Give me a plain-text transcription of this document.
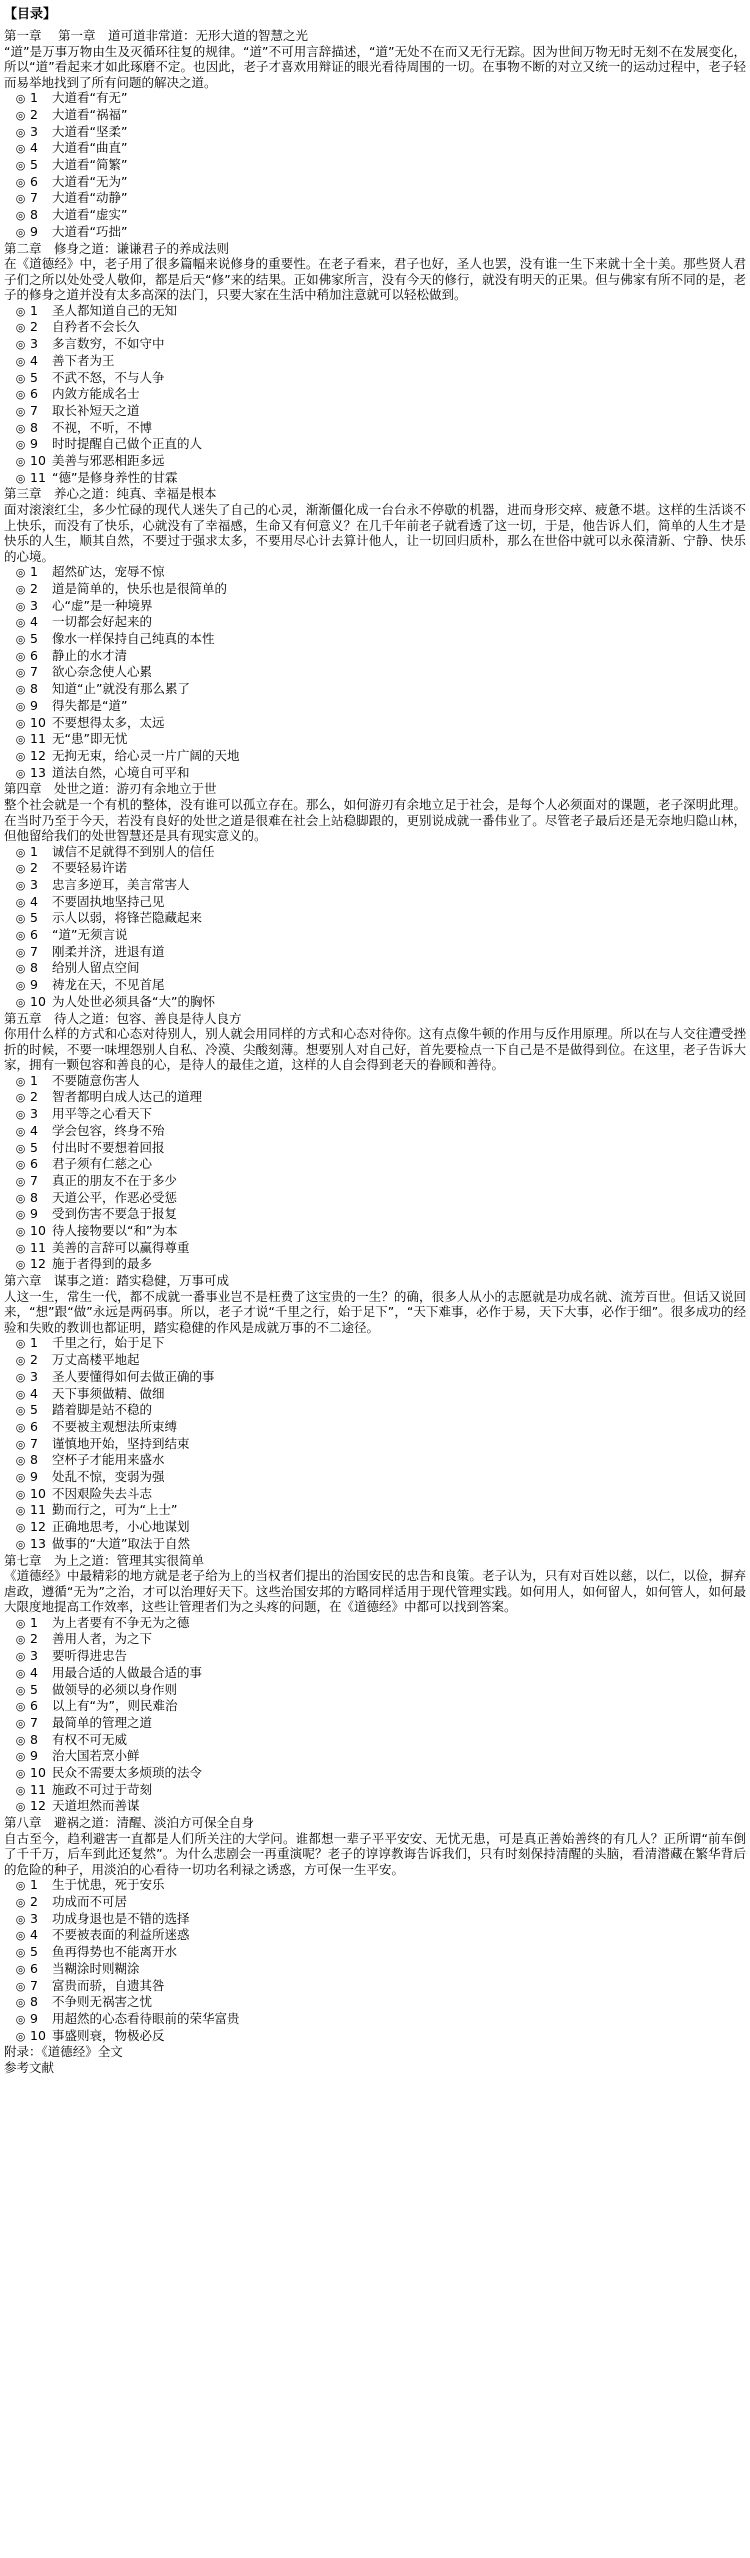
【目录】
第一章　 第一章　道可道非常道：无形大道的智慧之光

“道”是万事万物由生及灭循环往复的规律。“道”不可用言辞描述，“道”无处不在而又无行无踪。因为世间万物无时无刻不在发展变化，所以“道”看起来才如此琢磨不定。也因此，老子才喜欢用辩证的眼光看待周围的一切。在事物不断的对立又统一的运动过程中，老子轻而易举地找到了所有问题的解决之道。

◎ 1	大道看“有无”
◎ 2	大道看“祸福”
◎ 3	大道看“坚柔”
◎ 4	大道看“曲直”
◎ 5	大道看“简繁”
◎ 6	大道看“无为”
◎ 7	大道看“动静”
◎ 8	大道看“虚实”
◎ 9	大道看“巧拙”
第二章　修身之道：谦谦君子的养成法则

在《道德经》中，老子用了很多篇幅来说修身的重要性。在老子看来，君子也好，圣人也罢，没有谁一生下来就十全十美。那些贤人君子们之所以处处受人敬仰，都是后天“修”来的结果。正如佛家所言，没有今天的修行，就没有明天的正果。但与佛家有所不同的是，老子的修身之道并没有太多高深的法门，只要大家在生活中稍加注意就可以轻松做到。

◎ 1	圣人都知道自己的无知
◎ 2	自矜者不会长久
◎ 3	多言数穷，不如守中
◎ 4	善下者为王
◎ 5	不武不怒，不与人争
◎ 6	内敛方能成名士
◎ 7	取长补短天之道
◎ 8	不视，不听，不博
◎ 9	时时提醒自己做个正直的人
◎ 10 美善与邪恶相距多远
◎ 11 “德”是修身养性的甘霖
第三章　养心之道：纯真、幸福是根本

面对滚滚红尘，多少忙碌的现代人迷失了自己的心灵，渐渐僵化成一台台永不停歇的机器，进而身形交瘁、疲惫不堪。这样的生活谈不上快乐，而没有了快乐，心就没有了幸福感，生命又有何意义？在几千年前老子就看透了这一切，于是，他告诉人们，简单的人生才是快乐的人生，顺其自然，不要过于强求太多，不要用尽心计去算计他人，让一切回归质朴，那么在世俗中就可以永葆清新、宁静、快乐的心境。

◎ 1	超然矿达，宠辱不惊
◎ 2	道是简单的，快乐也是很简单的
◎ 3	心“虚”是一种境界
◎ 4	一切都会好起来的
◎ 5	像水一样保持自己纯真的本性
◎ 6	静止的水才清
◎ 7	欲心奈念使人心累
◎ 8	知道“止”就没有那么累了
◎ 9	得失都是“道”
◎ 10 不要想得太多，太远
◎ 11 无“患”即无忧
◎ 12 无拘无束，给心灵一片广阔的天地
◎ 13 道法自然，心境自可平和
第四章　处世之道：游刃有余地立于世

整个社会就是一个有机的整体，没有谁可以孤立存在。那么，如何游刃有余地立足于社会，是每个人必须面对的课题，老子深明此理。在当时乃至于今天，若没有良好的处世之道是很难在社会上站稳脚跟的，更别说成就一番伟业了。尽管老子最后还是无奈地归隐山林，但他留给我们的处世智慧还是具有现实意义的。

◎ 1	诚信不足就得不到别人的信任
◎ 2	不要轻易许诺
◎ 3	忠言多逆耳，美言常害人
◎ 4	不要固执地坚持己见
◎ 5	示人以弱，将锋芒隐藏起来
◎ 6	“道”无须言说
◎ 7	刚柔并济，进退有道
◎ 8	给别人留点空间
◎ 9	祷龙在天，不见首尾
◎ 10 为人处世必须具备“大”的胸怀
第五章　待人之道：包容、善良是待人良方

你用什么样的方式和心态对待别人，别人就会用同样的方式和心态对待你。这有点像牛顿的作用与反作用原理。所以在与人交往遭受挫折的时候，不要一味埋怨别人自私、冷漠、尖酸刻薄。想要别人对自己好，首先要检点一下自己是不是做得到位。在这里，老子告诉大家，拥有一颗包容和善良的心，是待人的最佳之道，这样的人自会得到老天的眷顾和善待。

◎ 1	不要随意伤害人
◎ 2	智者都明白成人达己的道理
◎ 3	用平等之心看天下
◎ 4	学会包容，终身不殆
◎ 5	付出时不要想着回报
◎ 6	君子须有仁慈之心
◎ 7	真正的朋友不在于多少
◎ 8	天道公平，作恶必受惩
◎ 9	受到伤害不要急于报复
◎ 10 待人接物要以“和”为本
◎ 11 美善的言辞可以赢得尊重
◎ 12 施于者得到的最多
第六章　谋事之道：踏实稳健，万事可成

人这一生，常生一代，都不成就一番事业岂不是枉费了这宝贵的一生？的确，很多人从小的志愿就是功成名就、流芳百世。但话又说回来，“想”跟“做”永远是两码事。所以，老子才说“千里之行，始于足下”，“天下难事，必作于易，天下大事，必作于细”。很多成功的经验和失败的教训也都证明，踏实稳健的作风是成就万事的不二途径。

◎ 1	千里之行，始于足下
◎ 2	万丈高楼平地起
◎ 3	圣人要懂得如何去做正确的事
◎ 4	天下事须做精、做细
◎ 5	踏着脚是站不稳的
◎ 6	不要被主观想法所束缚
◎ 7	谨慎地开始，坚持到结束
◎ 8	空杯子才能用来盛水
◎ 9	处乱不惊，变弱为强
◎ 10 不因艰险失去斗志
◎ 11 勤而行之，可为“上士”
◎ 12 正确地思考，小心地谋划
◎ 13 做事的“大道”取法于自然
第七章　为上之道：管理其实很简单

《道德经》中最精彩的地方就是老子给为上的当权者们提出的治国安民的忠告和良策。老子认为，只有对百姓以慈，以仁，以俭，摒弃虐政，遵循“无为”之治，才可以治理好天下。这些治国安邦的方略同样适用于现代管理实践。如何用人，如何留人，如何管人，如何最大限度地提高工作效率，这些让管理者们为之头疼的问题，在《道德经》中都可以找到答案。

◎ 1	为上者要有不争无为之德
◎ 2	善用人者，为之下
◎ 3	要听得进忠告
◎ 4	用最合适的人做最合适的事
◎ 5	做领导的必须以身作则
◎ 6	以上有“为”，则民难治
◎ 7	最简单的管理之道
◎ 8	有权不可无威
◎ 9	治大国若烹小鲜
◎ 10 民众不需要太多烦琐的法令
◎ 11 施政不可过于苛刻
◎ 12 天道坦然而善谋
第八章　避祸之道：清醒、淡泊方可保全自身

自古至今，趋利避害一直都是人们所关注的大学问。谁都想一辈子平平安安、无忧无患，可是真正善始善终的有几人？正所谓“前车倒了千千万，后车到此还复然”。为什么悲剧会一再重演呢？老子的谆谆教诲告诉我们，只有时刻保持清醒的头脑，看清潜藏在繁华背后的危险的种子，用淡泊的心看待一切功名利禄之诱惑，方可保一生平安。

◎ 1	生于忧患，死于安乐
◎ 2	功成而不可居
◎ 3	功成身退也是不错的选择
◎ 4	不要被表面的利益所迷惑
◎ 5	鱼再得势也不能离开水
◎ 6	当糊涂时则糊涂
◎ 7	富贵而骄，自遗其咎
◎ 8	不争则无祸害之忧
◎ 9	用超然的心态看待眼前的荣华富贵
◎ 10 事盛则衰，物极必反
附录：《道德经》全文
参考文献
